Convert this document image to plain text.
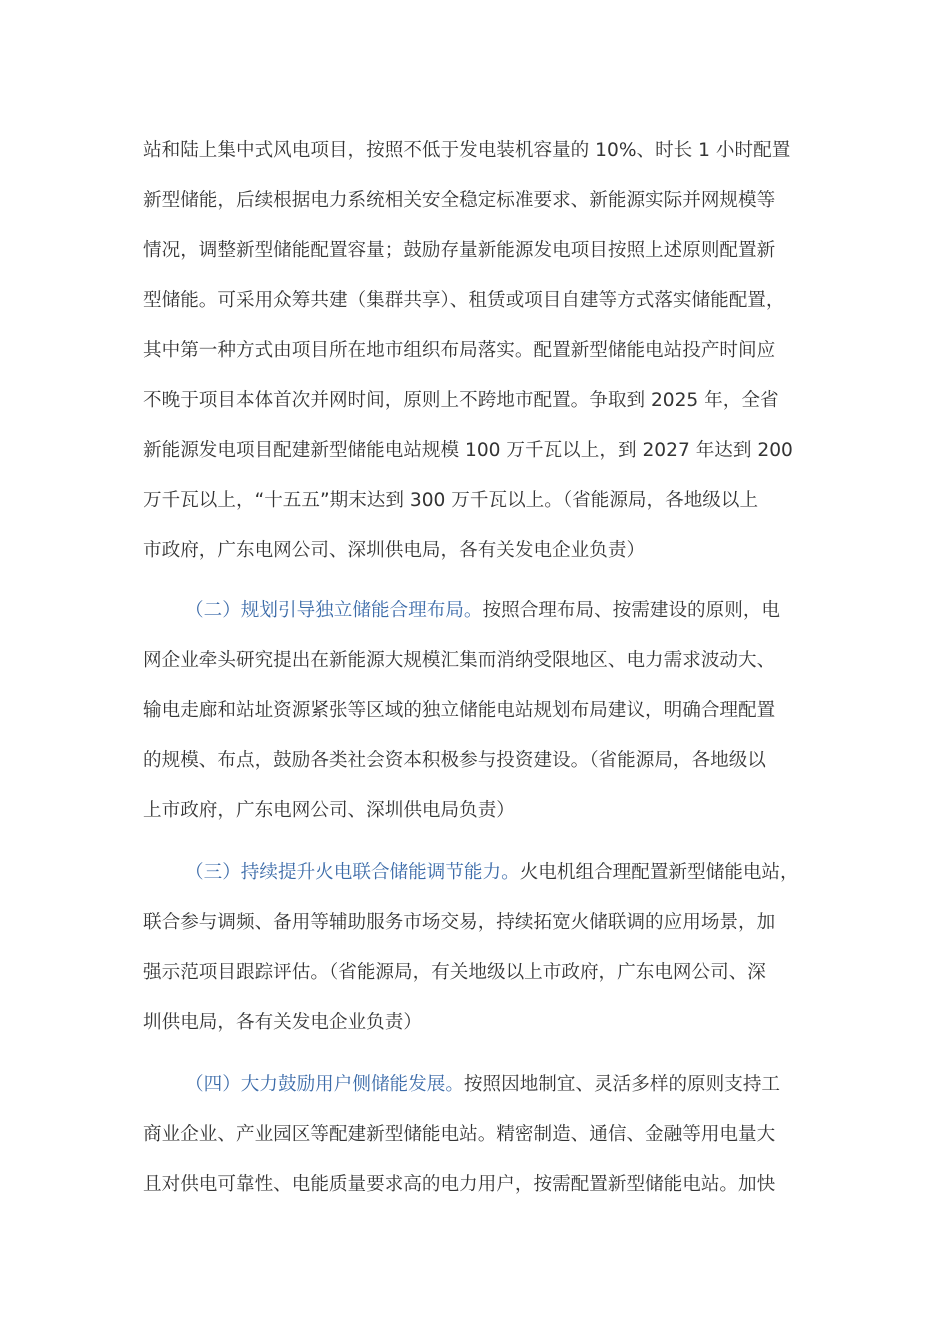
站和陆上集中式风电项目，按照不低于发电装机容量的 10%、时长 1 小时配置

新型储能，后续根据电力系统相关安全稳定标准要求、新能源实际并网规模等

情况，调整新型储能配置容量；鼓励存量新能源发电项目按照上述原则配置新

型储能。可采用众筹共建（集群共享）、租赁或项目自建等方式落实储能配置，

其中第一种方式由项目所在地市组织布局落实。配置新型储能电站投产时间应

不晚于项目本体首次并网时间，原则上不跨地市配置。争取到 2025 年，全省

新能源发电项目配建新型储能电站规模 100 万千瓦以上，到 2027 年达到 200

万千瓦以上，“十五五”期末达到 300 万千瓦以上。（省能源局，各地级以上

市政府，广东电网公司、深圳供电局，各有关发电企业负责）

（二）规划引导独立储能合理布局。按照合理布局、按需建设的原则，电

网企业牵头研究提出在新能源大规模汇集而消纳受限地区、电力需求波动大、

输电走廊和站址资源紧张等区域的独立储能电站规划布局建议，明确合理配置

的规模、布点，鼓励各类社会资本积极参与投资建设。（省能源局，各地级以

上市政府，广东电网公司、深圳供电局负责）

（三）持续提升火电联合储能调节能力。火电机组合理配置新型储能电站，

联合参与调频、备用等辅助服务市场交易，持续拓宽火储联调的应用场景，加

强示范项目跟踪评估。（省能源局，有关地级以上市政府，广东电网公司、深

圳供电局，各有关发电企业负责）

（四）大力鼓励用户侧储能发展。按照因地制宜、灵活多样的原则支持工

商业企业、产业园区等配建新型储能电站。精密制造、通信、金融等用电量大

且对供电可靠性、电能质量要求高的电力用户，按需配置新型储能电站。加快
